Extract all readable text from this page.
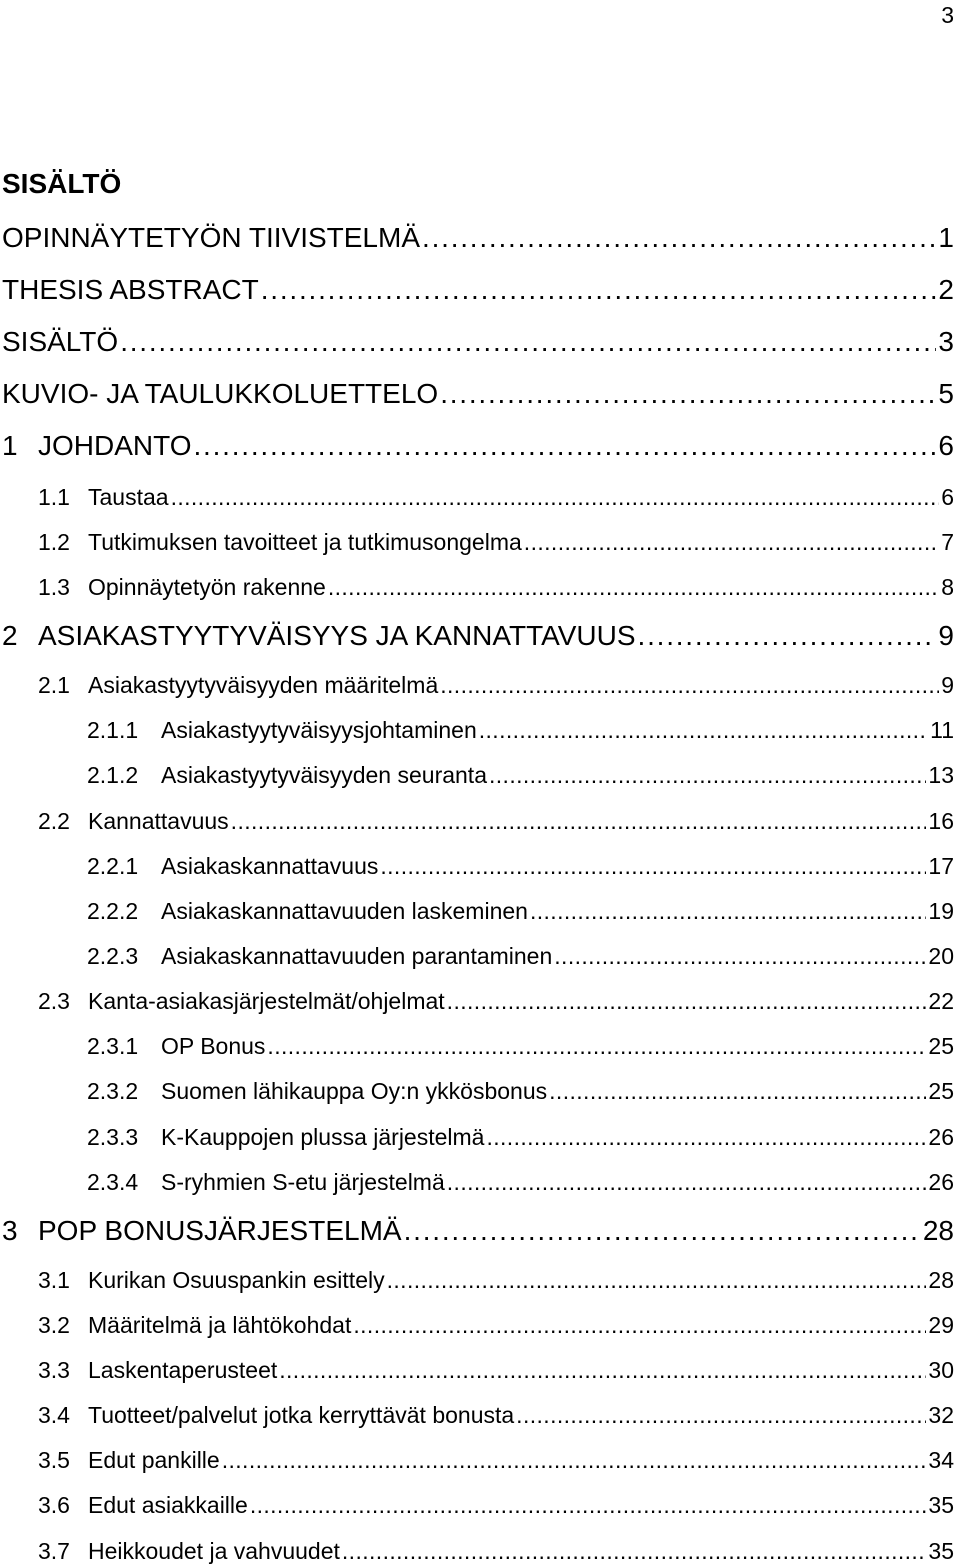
3
SISÄLTÖ
OPINNÄYTETYÖN TIIVISTELMÄ . . .	1
THESIS ABSTRACT . . .	2
SISÄLTÖ . . .	3
KUVIO- JA TAULUKKOLUETTELO . . .	5
1 JOHDANTO . . .	6
1.1 Taustaa . . .	6
1.2 Tutkimuksen tavoitteet ja tutkimusongelma . . .	7
1.3 Opinnäytetyön rakenne . . .	8
2 ASIAKASTYYTYVÄISYYS JA KANNATTAVUUS . . .	9
2.1 Asiakastyytyväisyyden määritelmä . . .	9
2.1.1 Asiakastyytyväisyysjohtaminen . . .	11
2.1.2 Asiakastyytyväisyyden seuranta . . .	13
2.2 Kannattavuus . . .	16
2.2.1 Asiakaskannattavuus . . .	17
2.2.2 Asiakaskannattavuuden laskeminen . . .	19
2.2.3 Asiakaskannattavuuden parantaminen . . .	20
2.3 Kanta-asiakasjärjestelmät/ohjelmat . . .	22
2.3.1 OP Bonus . . .	25
2.3.2 Suomen lähikauppa Oy:n ykkösbonus . . .	25
2.3.3 K-Kauppojen plussa järjestelmä . . .	26
2.3.4 S-ryhmien S-etu järjestelmä . . .	26
3 POP BONUSJÄRJESTELMÄ . . .	28
3.1 Kurikan Osuuspankin esittely . . .	28
3.2 Määritelmä ja lähtökohdat . . .	29
3.3 Laskentaperusteet . . .	30
3.4 Tuotteet/palvelut jotka kerryttävät bonusta . . .	32
3.5 Edut pankille . . .	34
3.6 Edut asiakkaille . . .	35
3.7 Heikkoudet ja vahvuudet . . .	35
